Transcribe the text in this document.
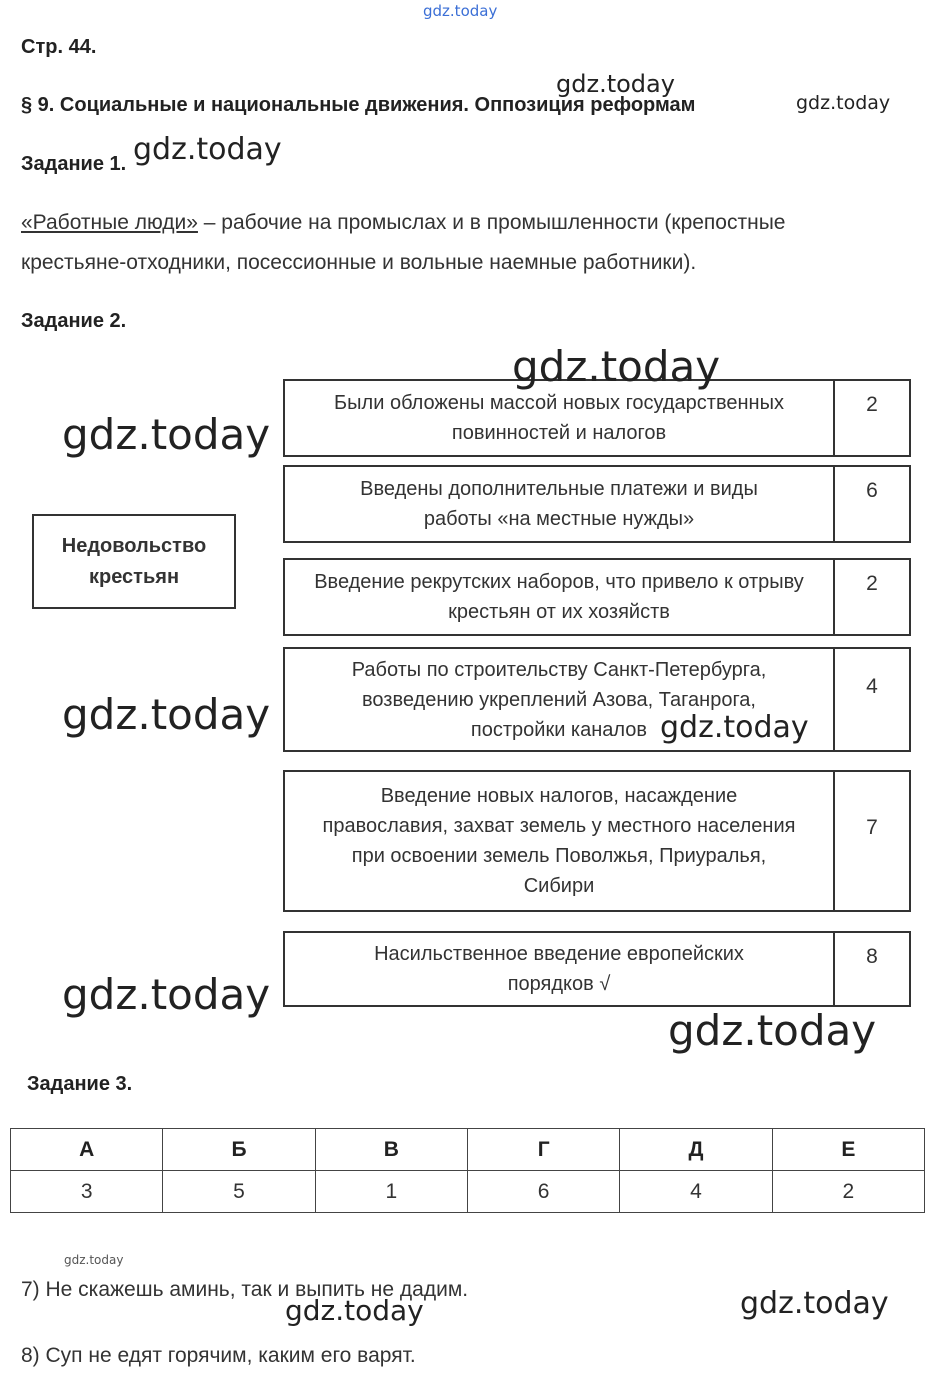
gdz.today
Стр. 44.
§ 9. Социальные и национальные движения. Оппозиция реформам
gdz.today
gdz.today
Задание 1. gdz.today
«Работные люди» – рабочие на промыслах и в промышленности (крепостные
крестьяне-отходники, посессионные и вольные наемные работники).
Задание 2.
Недовольство крестьян
Были обложены массой новых государственных повинностей и налогов
2
Введены дополнительные платежи и виды работы «на местные нужды»
6
Введение рекрутских наборов, что привело к отрыву крестьян от их хозяйств
2
Работы по строительству Санкт-Петербурга, возведению укреплений Азова, Таганрога, постройки каналов
4
Введение новых налогов, насаждение православия, захват земель у местного населения при освоении земель Поволжья, Приуралья, Сибири
7
Насильственное введение европейских порядков √
8
gdz.today
gdz.today
gdz.today	gdz.today
gdz.today
gdz.today
Задание 3.
А	Б	В	Г	Д	Е
3	5	1	6	4	2
gdz.today
7) Не скажешь аминь, так и выпить не дадим.
gdz.today	gdz.today
8) Суп не едят горячим, каким его варят.
